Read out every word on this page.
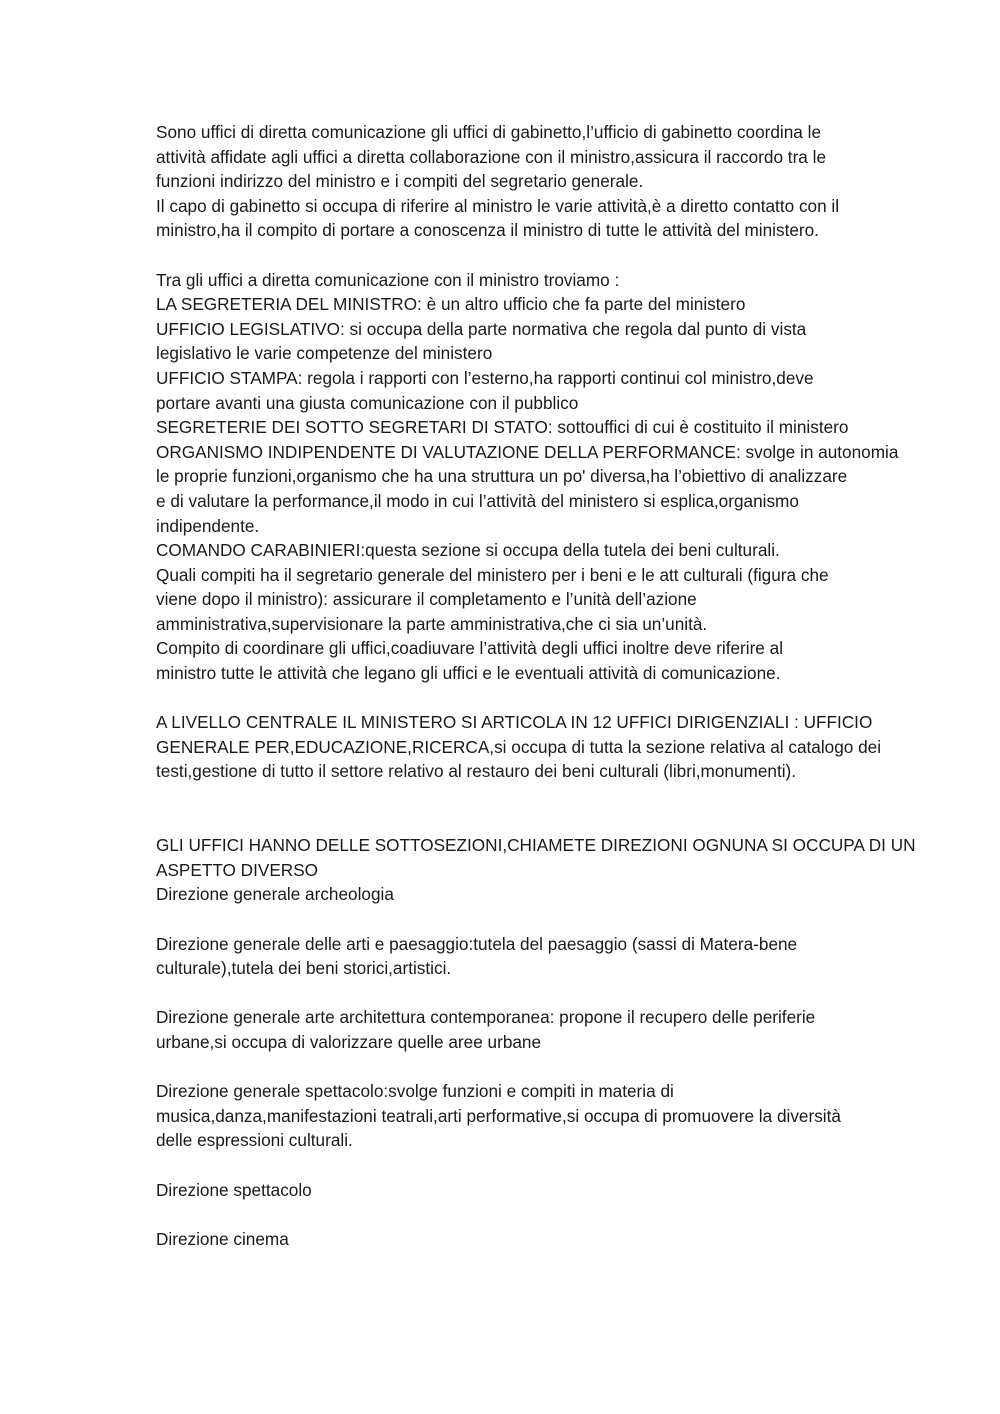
Sono uffici di diretta comunicazione gli uffici di gabinetto,l’ufficio di gabinetto coordina le
attività affidate agli uffici a diretta collaborazione con il ministro,assicura il raccordo tra le
funzioni indirizzo del ministro e i compiti del segretario generale.
Il capo di gabinetto si occupa di riferire al ministro le varie attività,è a diretto contatto con il
ministro,ha il compito di portare a conoscenza il ministro di tutte le attività del ministero.
Tra gli uffici a diretta comunicazione con il ministro troviamo :
LA SEGRETERIA DEL MINISTRO: è un altro ufficio che fa parte del ministero
UFFICIO LEGISLATIVO: si occupa della parte normativa che regola dal punto di vista
legislativo le varie competenze del ministero
UFFICIO STAMPA: regola i rapporti con l’esterno,ha rapporti continui col ministro,deve
portare avanti una giusta comunicazione con il pubblico
SEGRETERIE DEI SOTTO SEGRETARI DI STATO: sottouffici di cui è costituito il ministero
ORGANISMO INDIPENDENTE DI VALUTAZIONE DELLA PERFORMANCE: svolge in autonomia
le proprie funzioni,organismo che ha una struttura un po' diversa,ha l’obiettivo di analizzare
e di valutare la performance,il modo in cui l’attività del ministero si esplica,organismo
indipendente.
COMANDO CARABINIERI:questa sezione si occupa della tutela dei beni culturali.
Quali compiti ha il segretario generale del ministero per i beni e le att culturali (figura che
viene dopo il ministro): assicurare il completamento e l’unità dell’azione
amministrativa,supervisionare la parte amministrativa,che ci sia un’unità.
Compito di coordinare gli uffici,coadiuvare l’attività degli uffici inoltre deve riferire al
ministro tutte le attività che legano gli uffici e le eventuali attività di comunicazione.
A LIVELLO CENTRALE IL MINISTERO SI ARTICOLA IN 12 UFFICI DIRIGENZIALI : UFFICIO
GENERALE PER,EDUCAZIONE,RICERCA,si occupa di tutta la sezione relativa al catalogo dei
testi,gestione di tutto il settore relativo al restauro dei beni culturali (libri,monumenti).
GLI UFFICI HANNO DELLE SOTTOSEZIONI,CHIAMETE DIREZIONI OGNUNA SI OCCUPA DI UN
ASPETTO DIVERSO
Direzione generale archeologia
Direzione generale delle arti e paesaggio:tutela del paesaggio (sassi di Matera-bene
culturale),tutela dei beni storici,artistici.
Direzione generale arte architettura contemporanea: propone il recupero delle periferie
urbane,si occupa di valorizzare quelle aree urbane
Direzione generale spettacolo:svolge funzioni e compiti in materia di
musica,danza,manifestazioni teatrali,arti performative,si occupa di promuovere la diversità
delle espressioni culturali.
Direzione spettacolo
Direzione cinema
